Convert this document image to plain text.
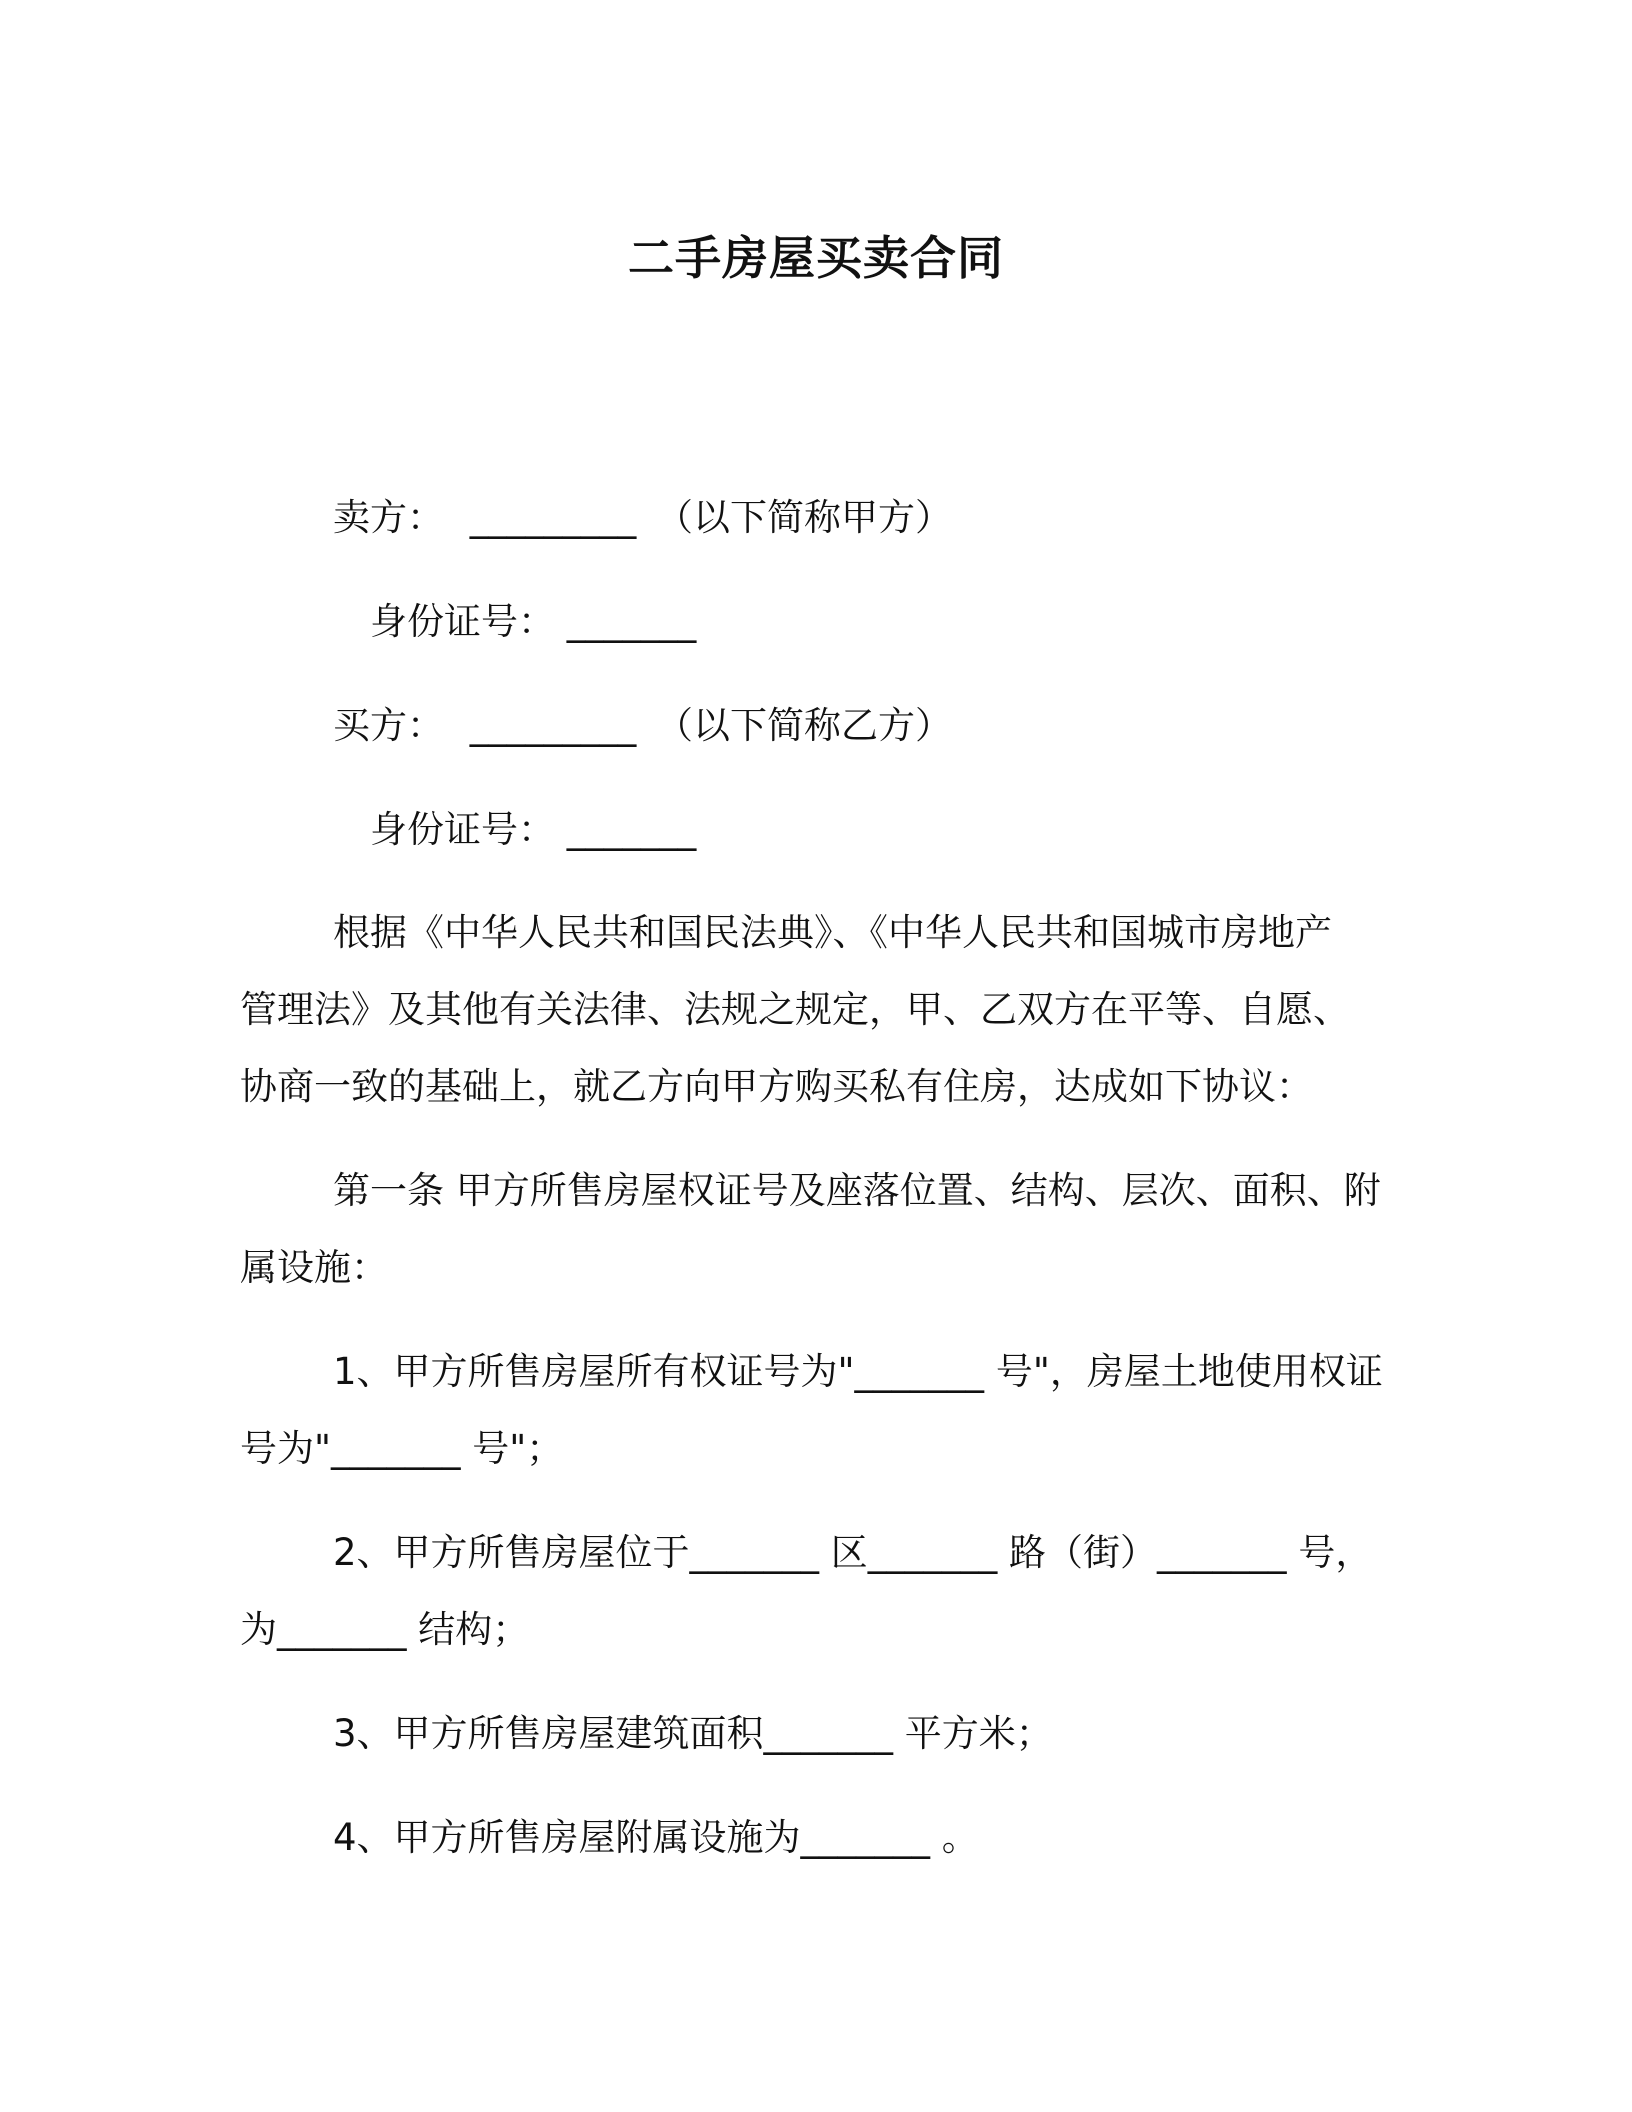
二手房屋买卖合同
卖方： _________ （以下简称甲方）
身份证号： _______
买方： _________ （以下简称乙方）
身份证号： _______
根据《中华人民共和国民法典》、《中华人民共和国城市房地产
管理法》及其他有关法律、法规之规定，甲、乙双方在平等、自愿、
协商一致的基础上，就乙方向甲方购买私有住房，达成如下协议：
第一条 甲方所售房屋权证号及座落位置、结构、层次、面积、附
属设施：
1、甲方所售房屋所有权证号为"_______ 号"，房屋土地使用权证
号为"_______ 号"；
2、甲方所售房屋位于_______ 区_______ 路（街）_______ 号，
为_______ 结构；
3、甲方所售房屋建筑面积_______ 平方米；
4、甲方所售房屋附属设施为_______ 。
